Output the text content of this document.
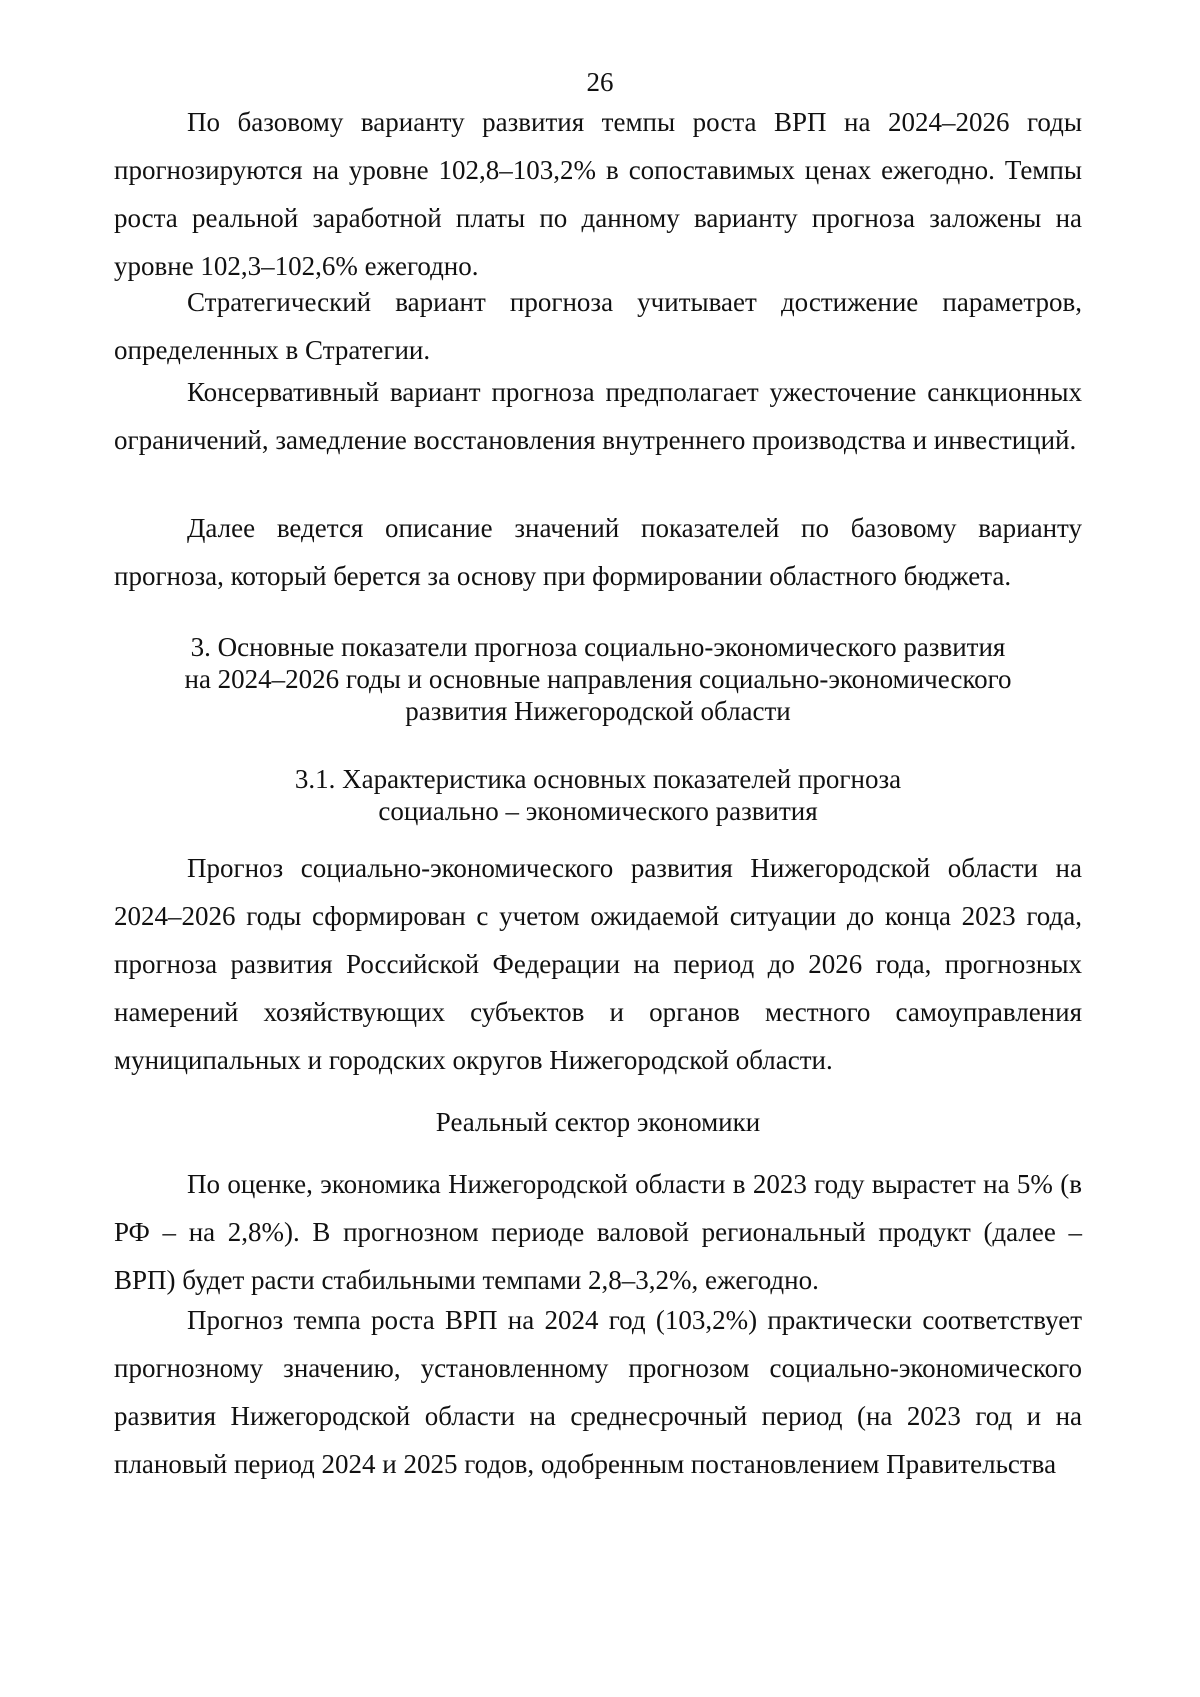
26

По базовому варианту развития темпы роста ВРП на 2024–2026 годы прогнозируются на уровне 102,8–103,2% в сопоставимых ценах ежегодно. Темпы роста реальной заработной платы по данному варианту прогноза заложены на уровне 102,3–102,6% ежегодно.

Стратегический вариант прогноза учитывает достижение параметров, определенных в Стратегии.

Консервативный вариант прогноза предполагает ужесточение санкционных ограничений, замедление восстановления внутреннего производства и инвестиций.

Далее ведется описание значений показателей по базовому варианту прогноза, который берется за основу при формировании областного бюджета.

3. Основные показатели прогноза социально-экономического развития
на 2024–2026 годы и основные направления социально-экономического
развития Нижегородской области
3.1. Характеристика основных показателей прогноза
социально – экономического развития

Прогноз социально-экономического развития Нижегородской области на 2024–2026 годы сформирован с учетом ожидаемой ситуации до конца 2023 года, прогноза развития Российской Федерации на период до 2026 года, прогнозных намерений хозяйствующих субъектов и органов местного самоуправления муниципальных и городских округов Нижегородской области.

Реальный сектор экономики

По оценке, экономика Нижегородской области в 2023 году вырастет на 5% (в РФ – на 2,8%). В прогнозном периоде валовой региональный продукт (далее – ВРП) будет расти стабильными темпами 2,8–3,2%, ежегодно.

Прогноз темпа роста ВРП на 2024 год (103,2%) практически соответствует прогнозному значению, установленному прогнозом социально-экономического развития Нижегородской области на среднесрочный период (на 2023 год и на плановый период 2024 и 2025 годов, одобренным постановлением Правительства
